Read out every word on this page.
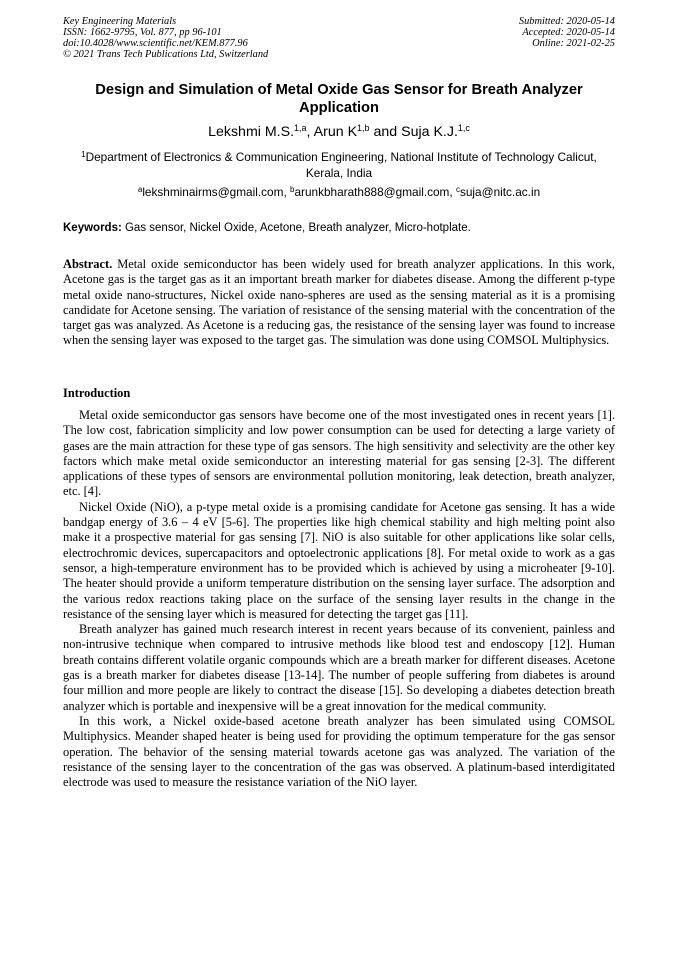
Key Engineering Materials
ISSN: 1662-9795, Vol. 877, pp 96-101
doi:10.4028/www.scientific.net/KEM.877.96
© 2021 Trans Tech Publications Ltd, Switzerland
Submitted: 2020-05-14
Accepted: 2020-05-14
Online: 2021-02-25
Design and Simulation of Metal Oxide Gas Sensor for Breath Analyzer Application
Lekshmi M.S.$^{1,a}$, Arun K$^{1,b}$ and Suja K.J.$^{1,c}$
$^1$Department of Electronics & Communication Engineering, National Institute of Technology Calicut, Kerala, India
$^a$lekshminairms@gmail.com, $^b$arunkbharath888@gmail.com, $^c$suja@nitc.ac.in
Keywords: Gas sensor, Nickel Oxide, Acetone, Breath analyzer, Micro-hotplate.
Abstract. Metal oxide semiconductor has been widely used for breath analyzer applications. In this work, Acetone gas is the target gas as it an important breath marker for diabetes disease. Among the different p-type metal oxide nano-structures, Nickel oxide nano-spheres are used as the sensing material as it is a promising candidate for Acetone sensing. The variation of resistance of the sensing material with the concentration of the target gas was analyzed. As Acetone is a reducing gas, the resistance of the sensing layer was found to increase when the sensing layer was exposed to the target gas. The simulation was done using COMSOL Multiphysics.
Introduction

Metal oxide semiconductor gas sensors have become one of the most investigated ones in recent years [1]. The low cost, fabrication simplicity and low power consumption can be used for detecting a large variety of gases are the main attraction for these type of gas sensors. The high sensitivity and selectivity are the other key factors which make metal oxide semiconductor an interesting material for gas sensing [2-3]. The different applications of these types of sensors are environmental pollution monitoring, leak detection, breath analyzer, etc. [4].

Nickel Oxide (NiO), a p-type metal oxide is a promising candidate for Acetone gas sensing. It has a wide bandgap energy of 3.6 – 4 eV [5-6]. The properties like high chemical stability and high melting point also make it a prospective material for gas sensing [7]. NiO is also suitable for other applications like solar cells, electrochromic devices, supercapacitors and optoelectronic applications [8]. For metal oxide to work as a gas sensor, a high-temperature environment has to be provided which is achieved by using a microheater [9-10]. The heater should provide a uniform temperature distribution on the sensing layer surface. The adsorption and the various redox reactions taking place on the surface of the sensing layer results in the change in the resistance of the sensing layer which is measured for detecting the target gas [11].

Breath analyzer has gained much research interest in recent years because of its convenient, painless and non-intrusive technique when compared to intrusive methods like blood test and endoscopy [12]. Human breath contains different volatile organic compounds which are a breath marker for different diseases. Acetone gas is a breath marker for diabetes disease [13-14]. The number of people suffering from diabetes is around four million and more people are likely to contract the disease [15]. So developing a diabetes detection breath analyzer which is portable and inexpensive will be a great innovation for the medical community.

In this work, a Nickel oxide-based acetone breath analyzer has been simulated using COMSOL Multiphysics. Meander shaped heater is being used for providing the optimum temperature for the gas sensor operation. The behavior of the sensing material towards acetone gas was analyzed. The variation of the resistance of the sensing layer to the concentration of the gas was observed. A platinum-based interdigitated electrode was used to measure the resistance variation of the NiO layer.
